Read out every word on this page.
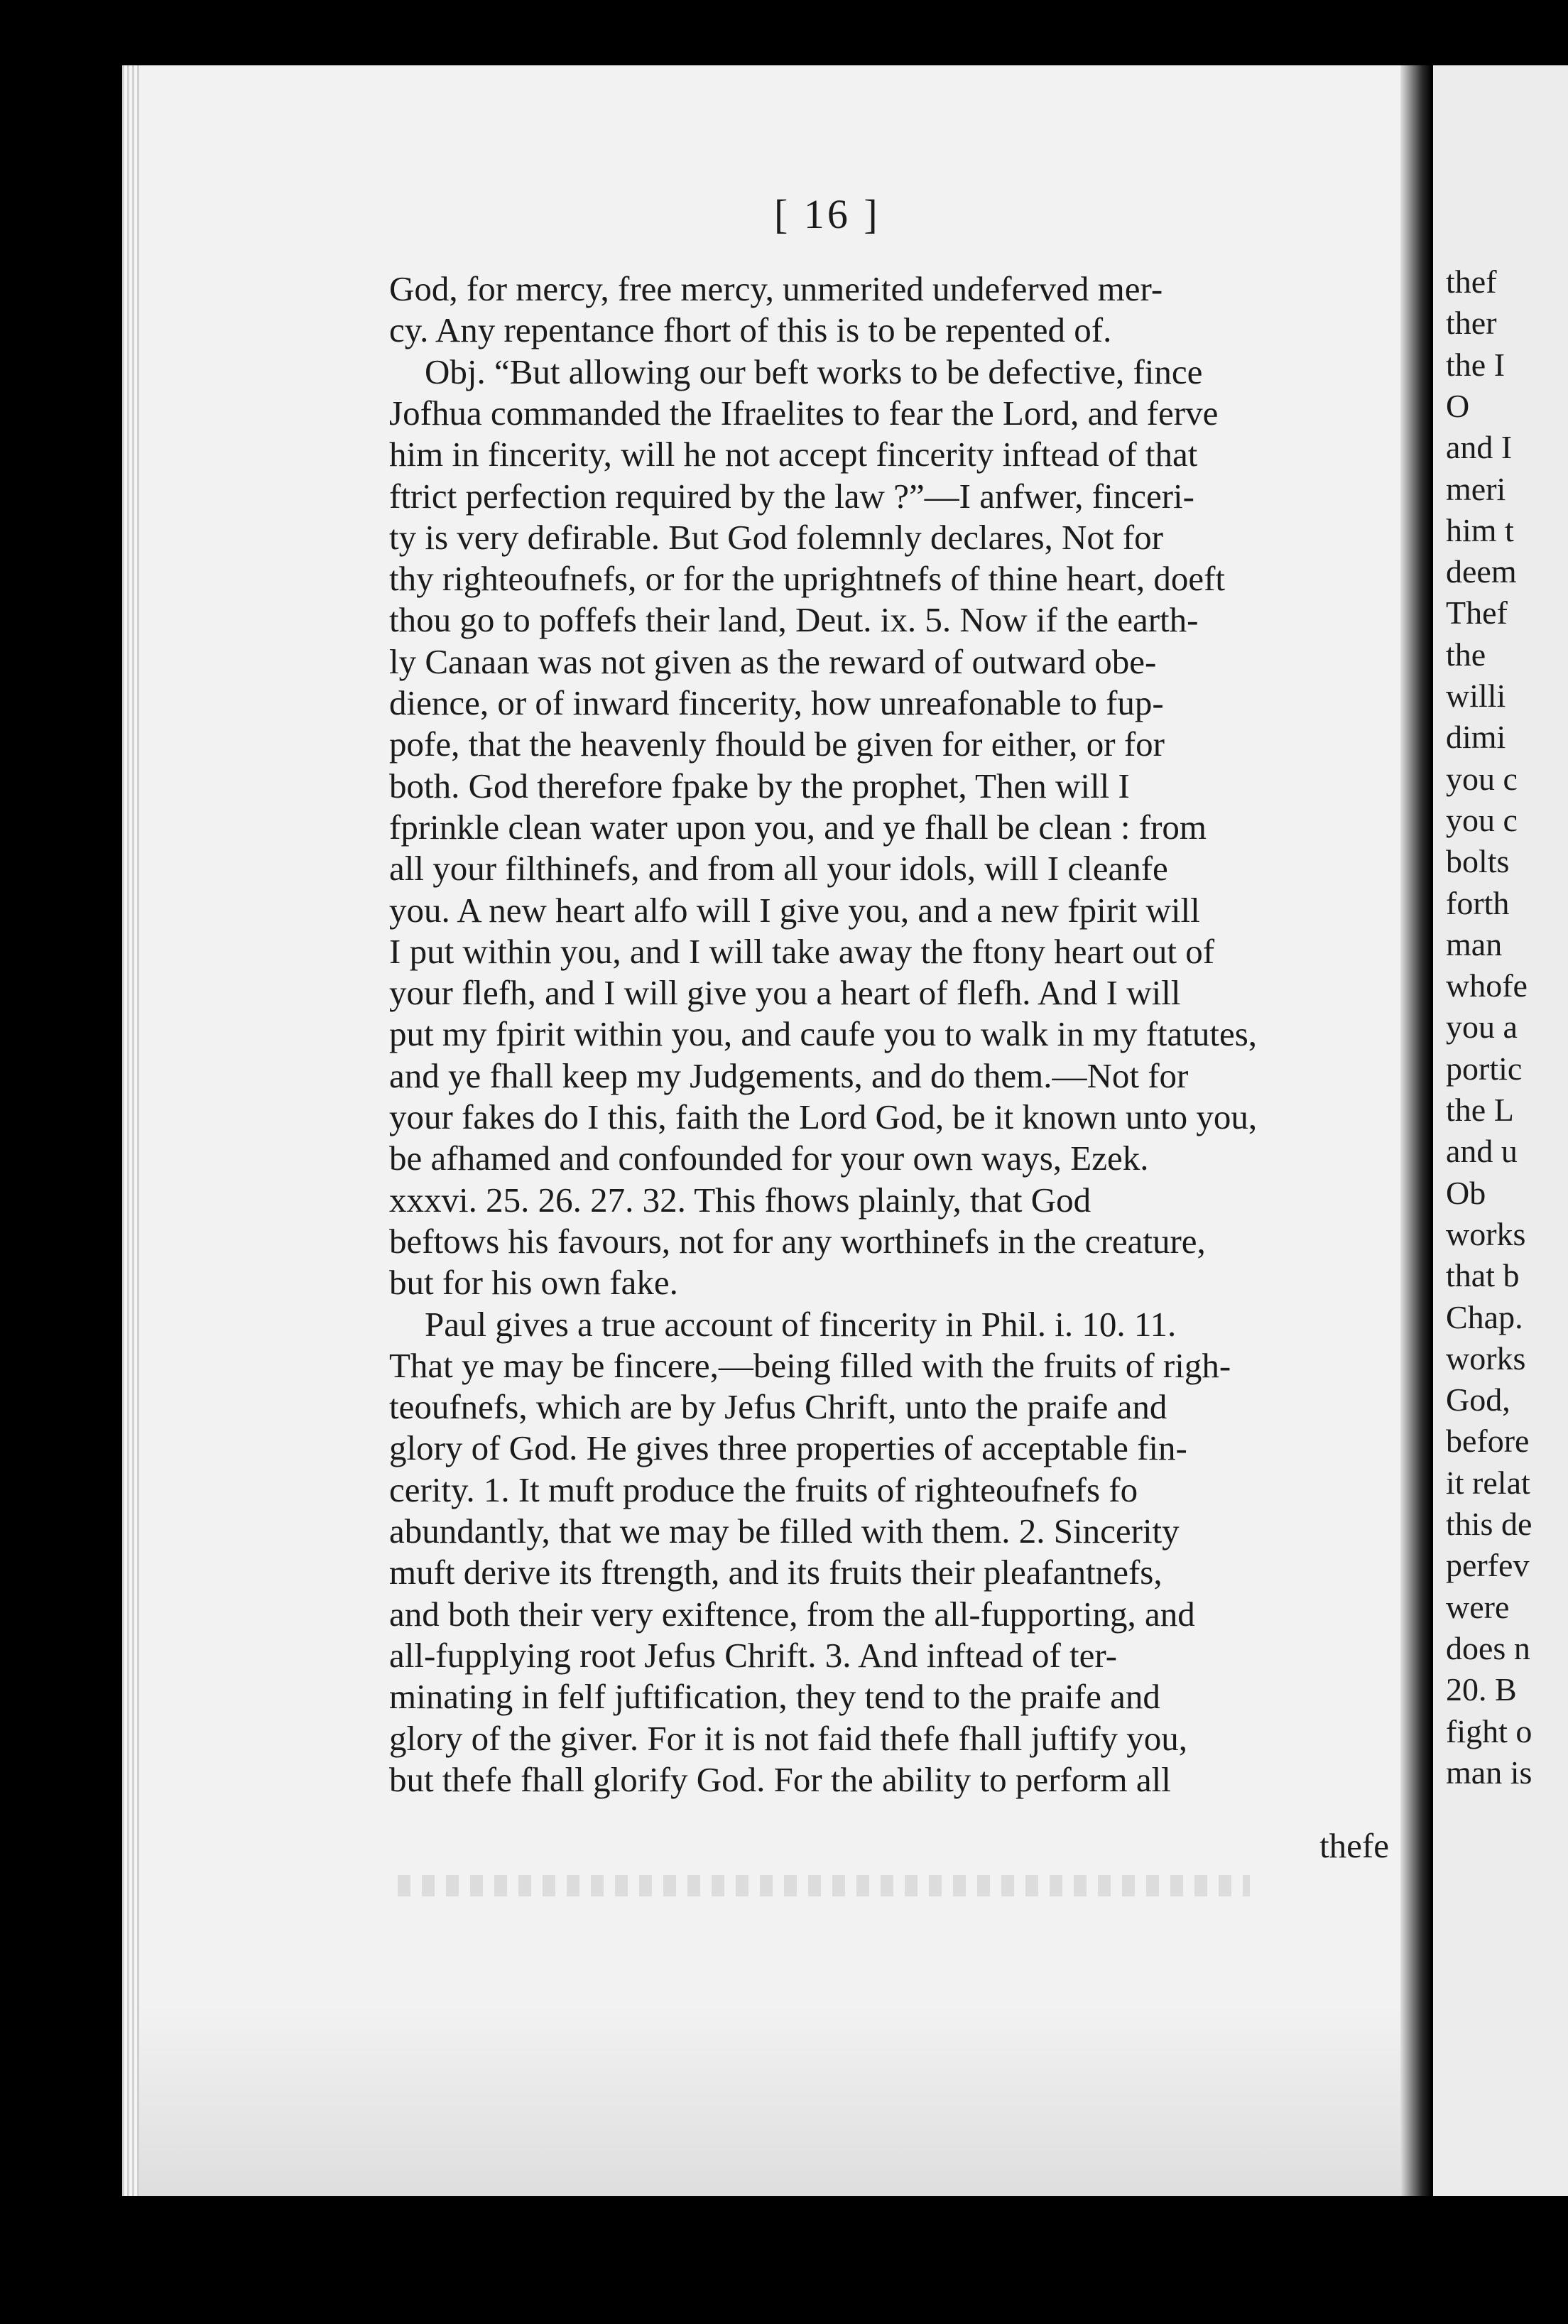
[ 16 ]
God, for mercy, free mercy, unmerited undeferved mer-
cy. Any repentance fhort of this is to be repented of.
Obj. “But allowing our beft works to be defective, fince
Jofhua commanded the Ifraelites to fear the Lord, and ferve
him in fincerity, will he not accept fincerity inftead of that
ftrict perfection required by the law ?”—I anfwer, finceri-
ty is very defirable. But God folemnly declares, Not for
thy righteoufnefs, or for the uprightnefs of thine heart, doeft
thou go to poffefs their land, Deut. ix. 5. Now if the earth-
ly Canaan was not given as the reward of outward obe-
dience, or of inward fincerity, how unreafonable to fup-
pofe, that the heavenly fhould be given for either, or for
both. God therefore fpake by the prophet, Then will I
fprinkle clean water upon you, and ye fhall be clean : from
all your filthinefs, and from all your idols, will I cleanfe
you. A new heart alfo will I give you, and a new fpirit will
I put within you, and I will take away the ftony heart out of
your flefh, and I will give you a heart of flefh. And I will
put my fpirit within you, and caufe you to walk in my ftatutes,
and ye fhall keep my Judgements, and do them.—Not for
your fakes do I this, faith the Lord God, be it known unto you,
be afhamed and confounded for your own ways, Ezek.
xxxvi. 25. 26. 27. 32. This fhows plainly, that God
beftows his favours, not for any worthinefs in the creature,
but for his own fake.
Paul gives a true account of fincerity in Phil. i. 10. 11.
That ye may be fincere,—being filled with the fruits of righ-
teoufnefs, which are by Jefus Chrift, unto the praife and
glory of God. He gives three properties of acceptable fin-
cerity. 1. It muft produce the fruits of righteoufnefs fo
abundantly, that we may be filled with them. 2. Sincerity
muft derive its ftrength, and its fruits their pleafantnefs,
and both their very exiftence, from the all-fupporting, and
all-fupplying root Jefus Chrift. 3. And inftead of ter-
minating in felf juftification, they tend to the praife and
glory of the giver. For it is not faid thefe fhall juftify you,
but thefe fhall glorify God. For the ability to perform all
thefe
thef
ther
the I
O
and I
meri
him t
deem
Thef
the
willi
dimi
you c
you c
bolts
forth
man
whofe
you a
portic
the L
and u
Ob
works
that b
Chap.
works
God,
before
it relat
this de
perfev
were
does n
20. B
fight o
man is
